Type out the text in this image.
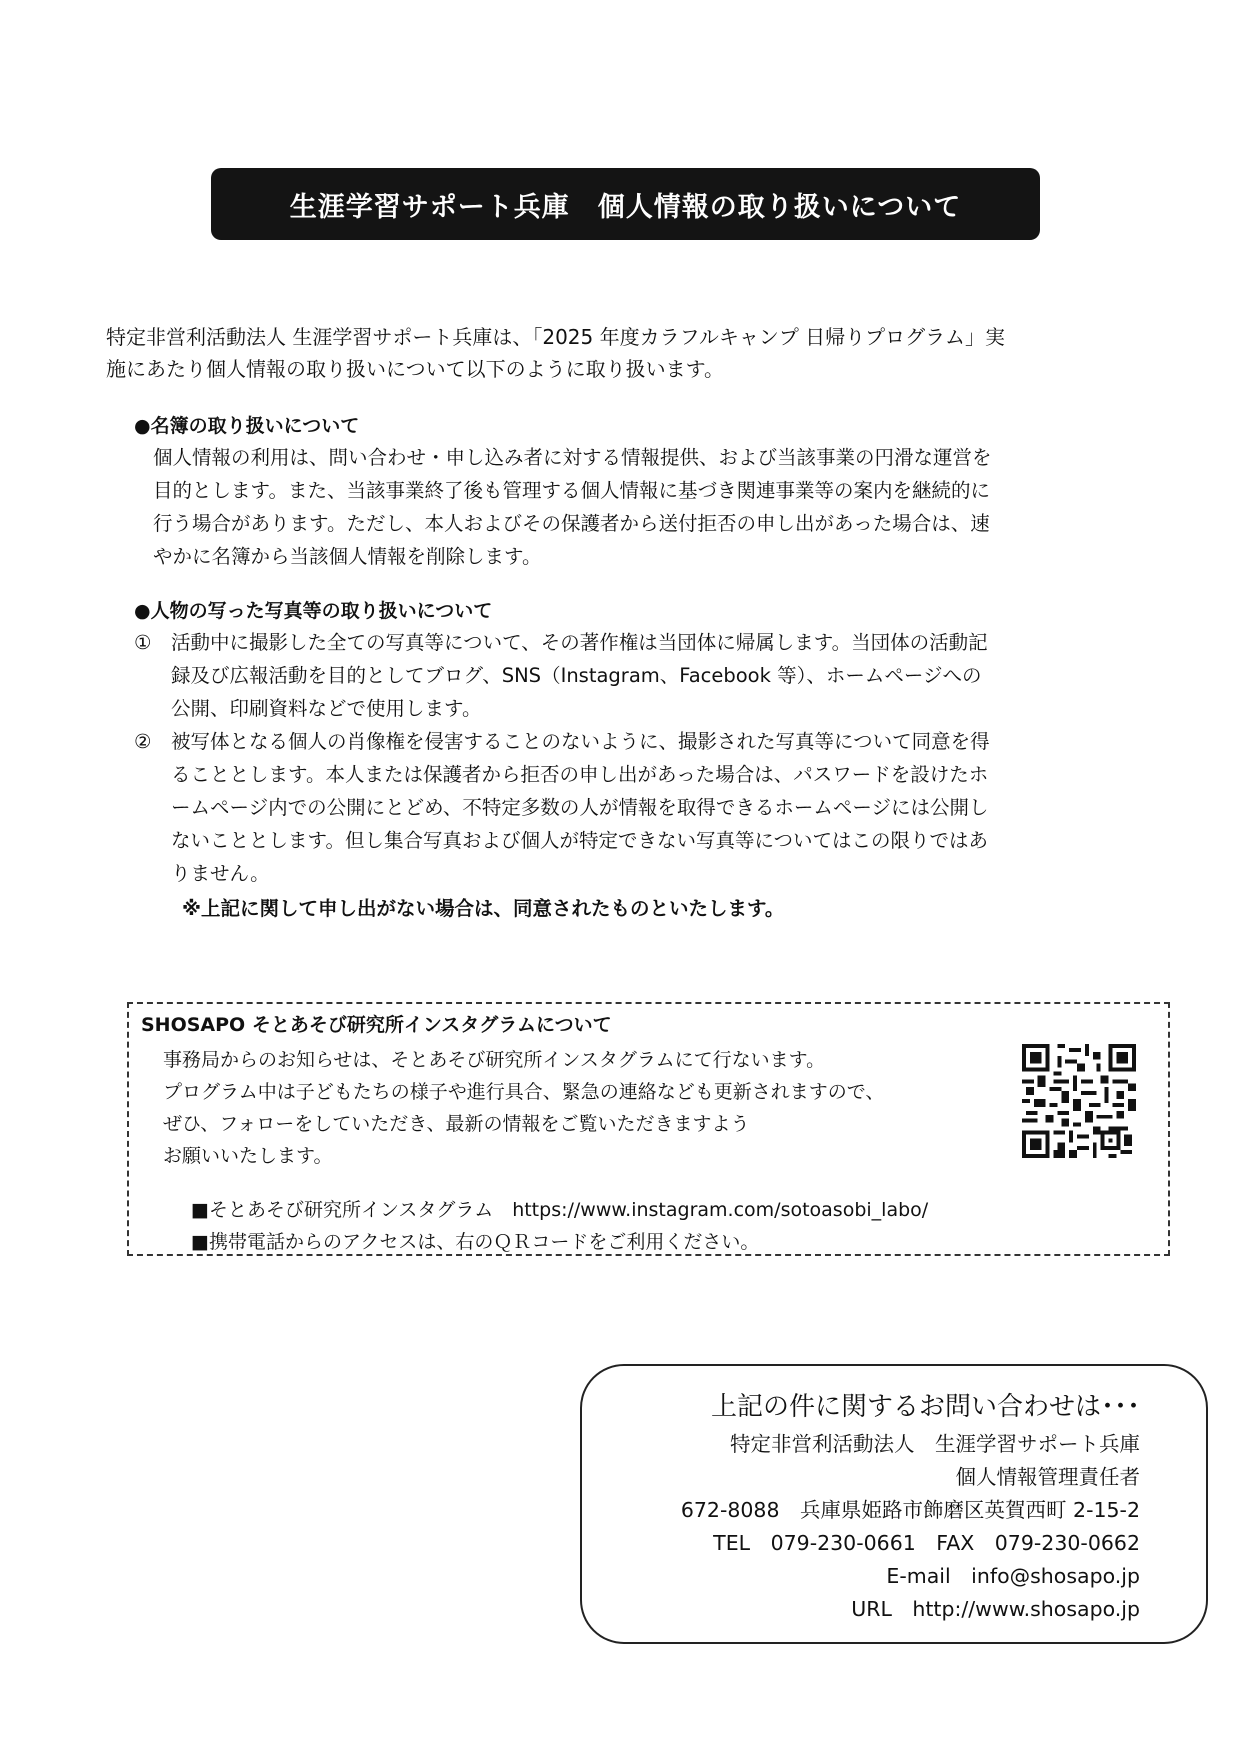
生涯学習サポート兵庫　個人情報の取り扱いについて

特定非営利活動法人 生涯学習サポート兵庫は、「2025 年度カラフルキャンプ 日帰りプログラム」実
施にあたり個人情報の取り扱いについて以下のように取り扱います。

●名簿の取り扱いについて

個人情報の利用は、問い合わせ・申し込み者に対する情報提供、および当該事業の円滑な運営を
目的とします。また、当該事業終了後も管理する個人情報に基づき関連事業等の案内を継続的に
行う場合があります。ただし、本人およびその保護者から送付拒否の申し出があった場合は、速
やかに名簿から当該個人情報を削除します。

●人物の写った写真等の取り扱いについて

① 活動中に撮影した全ての写真等について、その著作権は当団体に帰属します。当団体の活動記
録及び広報活動を目的としてブログ、SNS（Instagram、Facebook 等）、ホームページへの
公開、印刷資料などで使用します。

② 被写体となる個人の肖像権を侵害することのないように、撮影された写真等について同意を得
ることとします。本人または保護者から拒否の申し出があった場合は、パスワードを設けたホ
ームページ内での公開にとどめ、不特定多数の人が情報を取得できるホームページには公開し
ないこととします。但し集合写真および個人が特定できない写真等についてはこの限りではあ
りません。

※上記に関して申し出がない場合は、同意されたものといたします。

SHOSAPO そとあそび研究所インスタグラムについて

事務局からのお知らせは、そとあそび研究所インスタグラムにて行ないます。
プログラム中は子どもたちの様子や進行具合、緊急の連絡なども更新されますので、
ぜひ、フォローをしていただき、最新の情報をご覧いただきますよう
お願いいたします。

■そとあそび研究所インスタグラム　https://www.instagram.com/sotoasobi_labo/
■携帯電話からのアクセスは、右のＱＲコードをご利用ください。
上記の件に関するお問い合わせは･･･
特定非営利活動法人　生涯学習サポート兵庫
個人情報管理責任者
672-8088　兵庫県姫路市飾磨区英賀西町 2-15-2
TEL　079-230-0661　FAX　079-230-0662
E-mail　info@shosapo.jp
URL　http://www.shosapo.jp
